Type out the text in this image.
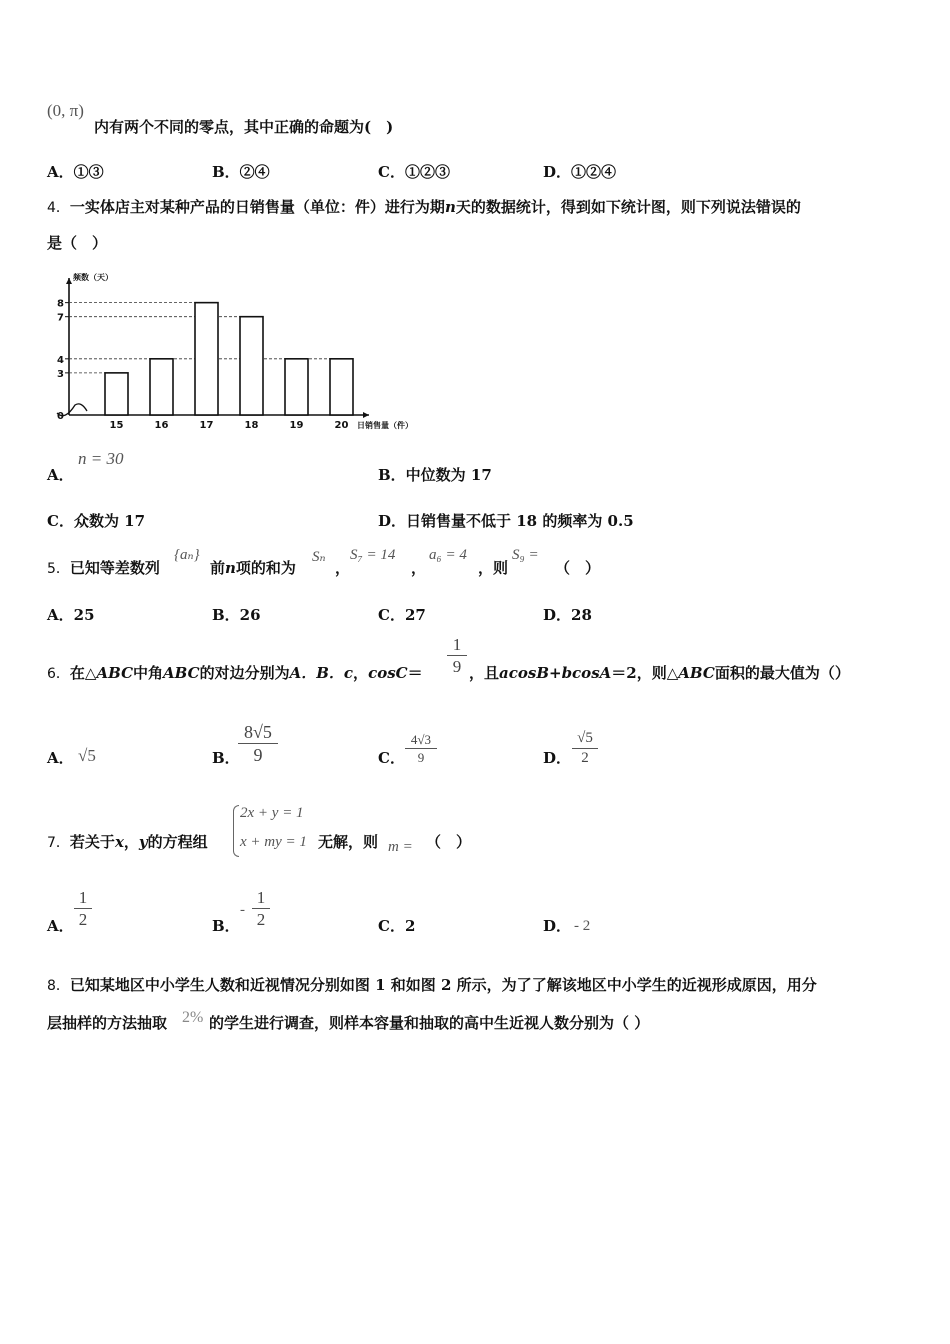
(0, π)
内有两个不同的零点，其中正确的命题为(　)
A．①③	B．②④	C．①②③	D．①②④
4．一实体店主对某种产品的日销售量（单位：件）进行为期n天的数据统计，得到如下统计图，则下列说法错误的
是（　）
频数（天）
日销售量（件）
0
3
4
7
8
15	16	17	18	19	20
A．
n = 30
B．中位数为 17
C．众数为 17	D．日销售量不低于 18 的频率为 0.5
5．已知等差数列
{aₙ}
前n项的和为
Sₙ
，
S₇ = 14
，
a₆ = 4
，则
S₉ =
（　）
A．25	B．26	C．27	D．28
6．在△ABC中角ABC的对边分别为A．B．c，cosC＝
1
9 ，且acosB+bcosA＝2，则△ABC面积的最大值为（）
A． √5	B．
8√5
9	C．
4√3
9	D．
√5
2
7．若关于x，y的方程组
2x + y = 1
x + my = 1 无解，则 m = （　）
A．
1
2	B．
-
1
2	C．2	D． - 2
8．已知某地区中小学生人数和近视情况分别如图 1 和如图 2 所示，为了了解该地区中小学生的近视形成原因，用分
层抽样的方法抽取 2% 的学生进行调查，则样本容量和抽取的高中生近视人数分别为（ ）
